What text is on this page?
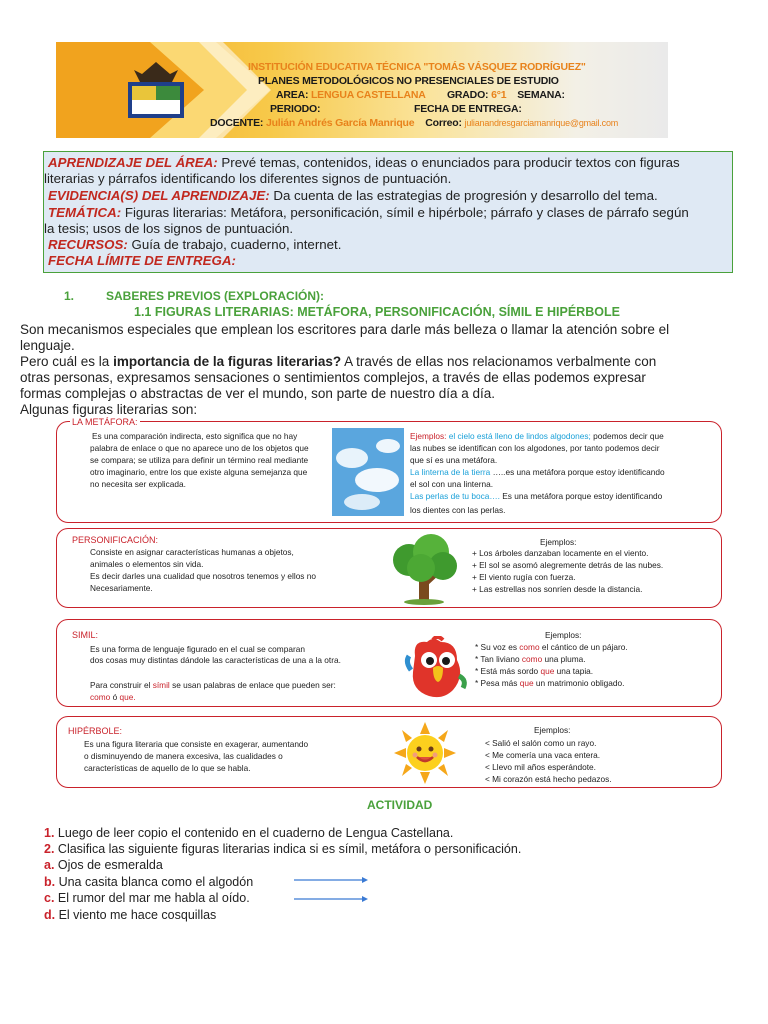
INSTITUCIÓN EDUCATIVA TÉCNICA "TOMÁS VÁSQUEZ RODRÍGUEZ"
PLANES METODOLÓGICOS NO PRESENCIALES DE ESTUDIO
AREA: LENGUA CASTELLANA GRADO: 6°1 SEMANA:
PERIODO:	FECHA DE ENTREGA:
DOCENTE: Julián Andrés García Manrique Correo: julianandresgarciamanrique@gmail.com
APRENDIZAJE DEL ÁREA: Prevé temas, contenidos, ideas o enunciados para producir textos con figuras
literarias y párrafos identificando los diferentes signos de puntuación.
EVIDENCIA(S) DEL APRENDIZAJE: Da cuenta de las estrategias de progresión y desarrollo del tema.
TEMÁTICA: Figuras literarias: Metáfora, personificación, símil e hipérbole; párrafo y clases de párrafo según
la tesis; usos de los signos de puntuación.
RECURSOS: Guía de trabajo, cuaderno, internet.
FECHA LÍMITE DE ENTREGA:
1.	SABERES PREVIOS (EXPLORACIÓN):
1.1 FIGURAS LITERARIAS: METÁFORA, PERSONIFICACIÓN, SÍMIL E HIPÉRBOLE
Son mecanismos especiales que emplean los escritores para darle más belleza o llamar la atención sobre el
lenguaje.
Pero cuál es la importancia de la figuras literarias? A través de ellas nos relacionamos verbalmente con
otras personas, expresamos sensaciones o sentimientos complejos, a través de ellas podemos expresar
formas complejas o abstractas de ver el mundo, son parte de nuestro día a día.
Algunas figuras literarias son:
LA METÁFORA:
Es una comparación indirecta, esto significa que no hay
palabra de enlace o que no aparece uno de los objetos que
se compara; se utiliza para definir un término real mediante
otro imaginario, entre los que existe alguna semejanza que
no necesita ser explicada.
Ejemplos: el cielo está lleno de lindos algodones; podemos decir que
las nubes se identifican con los algodones, por tanto podemos decir
que sí es una metáfora.
La linterna de la tierra …..es una metáfora porque estoy identificando
el sol con una linterna.
Las perlas de tu boca…. Es una metáfora porque estoy identificando
los dientes con las perlas.
PERSONIFICACIÓN:
Consiste en asignar características humanas a objetos,
animales o elementos sin vida.
Es decir darles una cualidad que nosotros tenemos y ellos no
Necesariamente.
Ejemplos:
+ Los árboles danzaban locamente en el viento.
+ El sol se asomó alegremente detrás de las nubes.
+ El viento rugía con fuerza.
+ Las estrellas nos sonríen desde la distancia.
SIMIL:
Es una forma de lenguaje figurado en el cual se comparan
dos cosas muy distintas dándole las características de una a la otra.
Para construir el símil se usan palabras de enlace que pueden ser:
como ó que.
Ejemplos:
* Su voz es como el cántico de un pájaro.
* Tan liviano como una pluma.
* Está más sordo que una tapia.
* Pesa más que un matrimonio obligado.
HIPÉRBOLE:
Es una figura literaria que consiste en exagerar, aumentando
o disminuyendo de manera excesiva, las cualidades o
características de aquello de lo que se habla.
Ejemplos:
< Salió el salón como un rayo.
< Me comería una vaca entera.
< Llevo mil años esperándote.
< Mi corazón está hecho pedazos.
ACTIVIDAD
1. Luego de leer copio el contenido en el cuaderno de Lengua Castellana.
2. Clasifica las siguiente figuras literarias indica si es símil, metáfora o personificación.
a. Ojos de esmeralda
b. Una casita blanca como el algodón
c. El rumor del mar me habla al oído.
d. El viento me hace cosquillas
